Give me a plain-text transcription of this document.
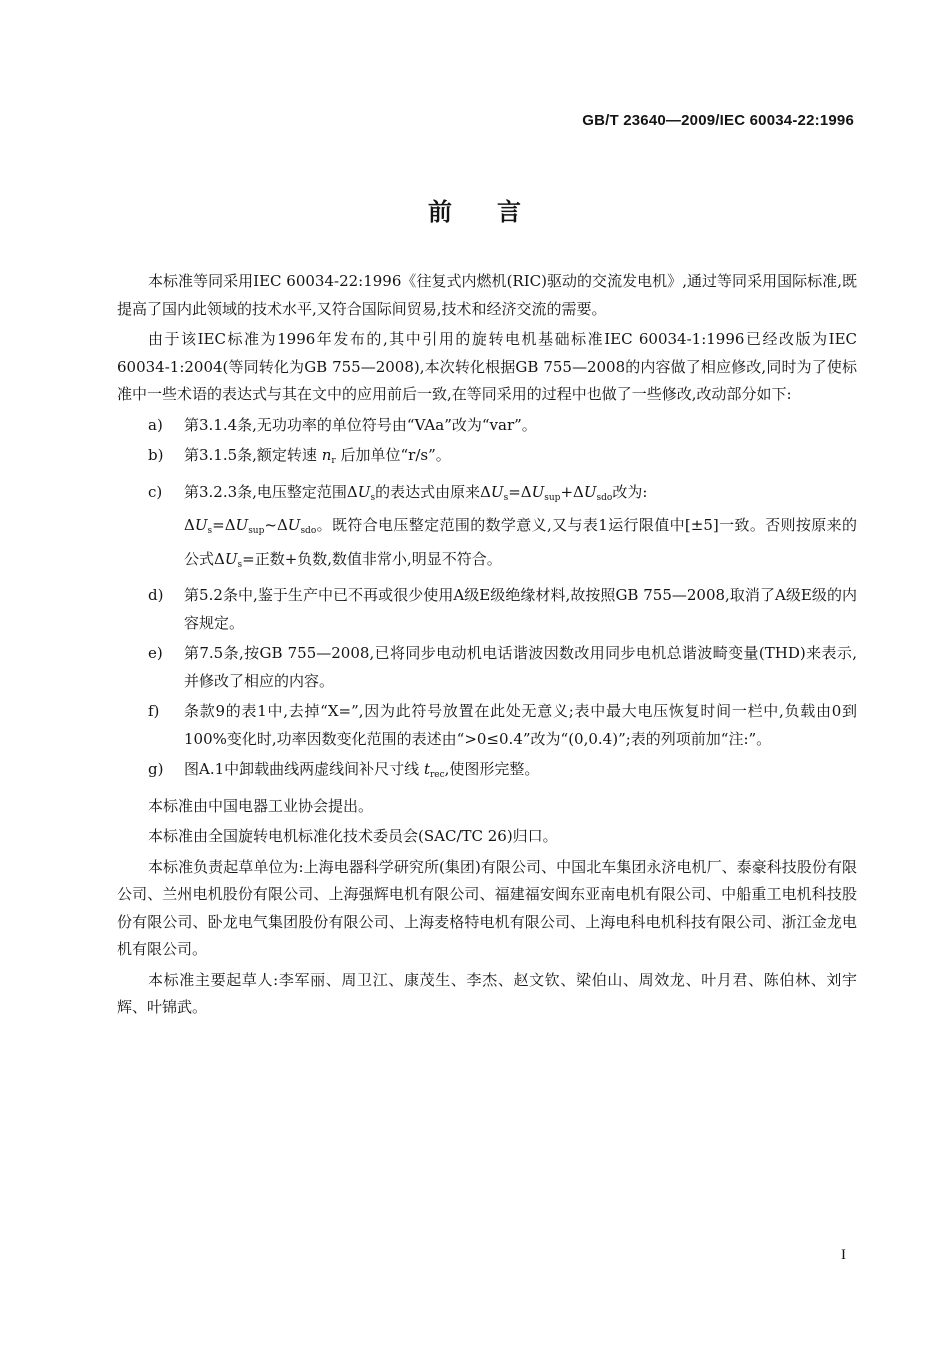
GB/T 23640—2009/IEC 60034-22:1996
前 言

本标准等同采用IEC 60034-22:1996《往复式内燃机(RIC)驱动的交流发电机》,通过等同采用国际标准,既提高了国内此领域的技术水平,又符合国际间贸易,技术和经济交流的需要。

由于该IEC标准为1996年发布的,其中引用的旋转电机基础标准IEC 60034-1:1996已经改版为IEC 60034-1:2004(等同转化为GB 755—2008),本次转化根据GB 755—2008的内容做了相应修改,同时为了使标准中一些术语的表达式与其在文中的应用前后一致,在等同采用的过程中也做了一些修改,改动部分如下:

a)	第3.1.4条,无功功率的单位符号由“VAa”改为“var”。
b)	第3.1.5条,额定转速 $n_r$ 后加单位“r/s”。
c)	第3.2.3条,电压整定范围$\Delta U_s$的表达式由原来$\Delta U_s=\Delta U_{sup}+\Delta U_{sdo}$改为:
$\Delta U_s=\Delta U_{sup}\sim\Delta U_{sdo}$。既符合电压整定范围的数学意义,又与表1运行限值中[±5]一致。否则按原来的公式$\Delta U_s=$正数+负数,数值非常小,明显不符合。
d)	第5.2条中,鉴于生产中已不再或很少使用A级E级绝缘材料,故按照GB 755—2008,取消了A级E级的内容规定。
e)	第7.5条,按GB 755—2008,已将同步电动机电话谐波因数改用同步电机总谐波畸变量(THD)来表示,并修改了相应的内容。
f)	条款9的表1中,去掉“X=”,因为此符号放置在此处无意义;表中最大电压恢复时间一栏中,负载由0到100%变化时,功率因数变化范围的表述由“>0≤0.4”改为“(0,0.4)”;表的列项前加“注:”。
g)	图A.1中卸载曲线两虚线间补尺寸线 $t_{rec}$,使图形完整。

本标准由中国电器工业协会提出。

本标准由全国旋转电机标准化技术委员会(SAC/TC 26)归口。

本标准负责起草单位为:上海电器科学研究所(集团)有限公司、中国北车集团永济电机厂、泰豪科技股份有限公司、兰州电机股份有限公司、上海强辉电机有限公司、福建福安闽东亚南电机有限公司、中船重工电机科技股份有限公司、卧龙电气集团股份有限公司、上海麦格特电机有限公司、上海电科电机科技有限公司、浙江金龙电机有限公司。

本标准主要起草人:李军丽、周卫江、康茂生、李杰、赵文钦、梁伯山、周效龙、叶月君、陈伯林、刘宇辉、叶锦武。

I
